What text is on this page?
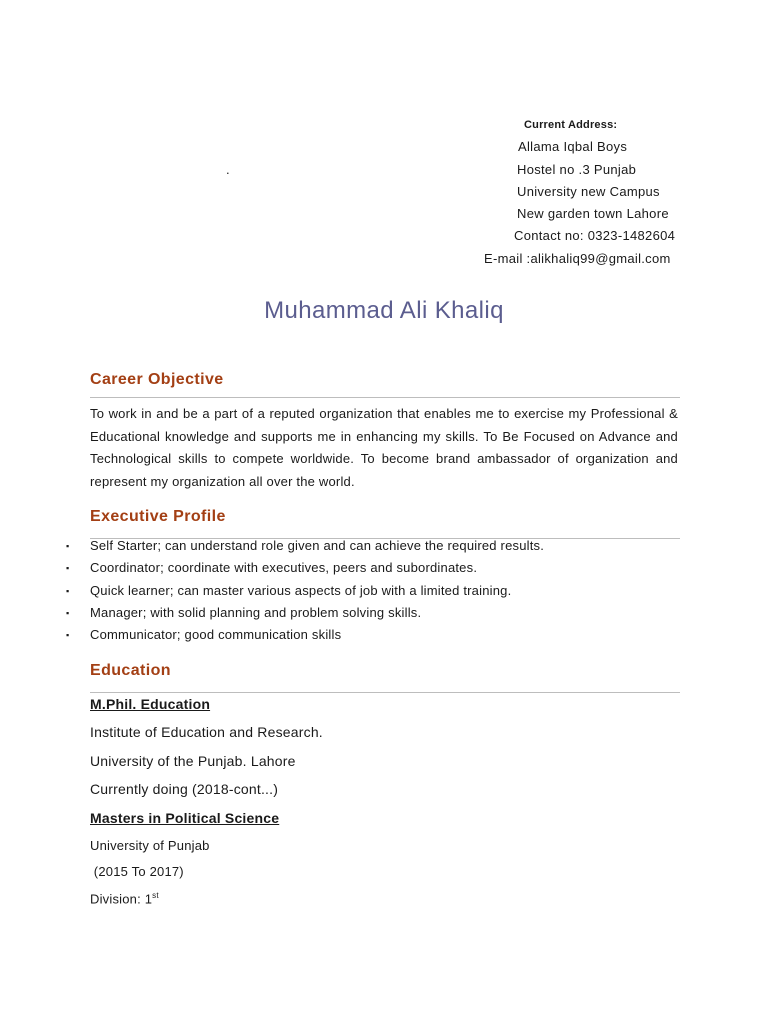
Current Address:
Allama Iqbal Boys
.	Hostel no .3 Punjab
University new Campus
New garden town Lahore
Contact no: 0323-1482604
E-mail :alikhaliq99@gmail.com
Muhammad Ali Khaliq
Career Objective
To work in and be a part of a reputed organization that enables me to exercise my Professional & Educational knowledge and supports me in enhancing my skills. To Be Focused on Advance and Technological skills to compete worldwide. To become brand ambassador of organization and represent my organization all over the world.
Executive Profile
▪ Self Starter; can understand role given and can achieve the required results.
▪ Coordinator; coordinate with executives, peers and subordinates.
▪ Quick learner; can master various aspects of job with a limited training.
▪ Manager; with solid planning and problem solving skills.
▪ Communicator; good communication skills
Education
M.Phil. Education
Institute of Education and Research.
University of the Punjab. Lahore
Currently doing (2018-cont...)
Masters in Political Science
University of Punjab
(2015 To 2017)
Division: 1st
